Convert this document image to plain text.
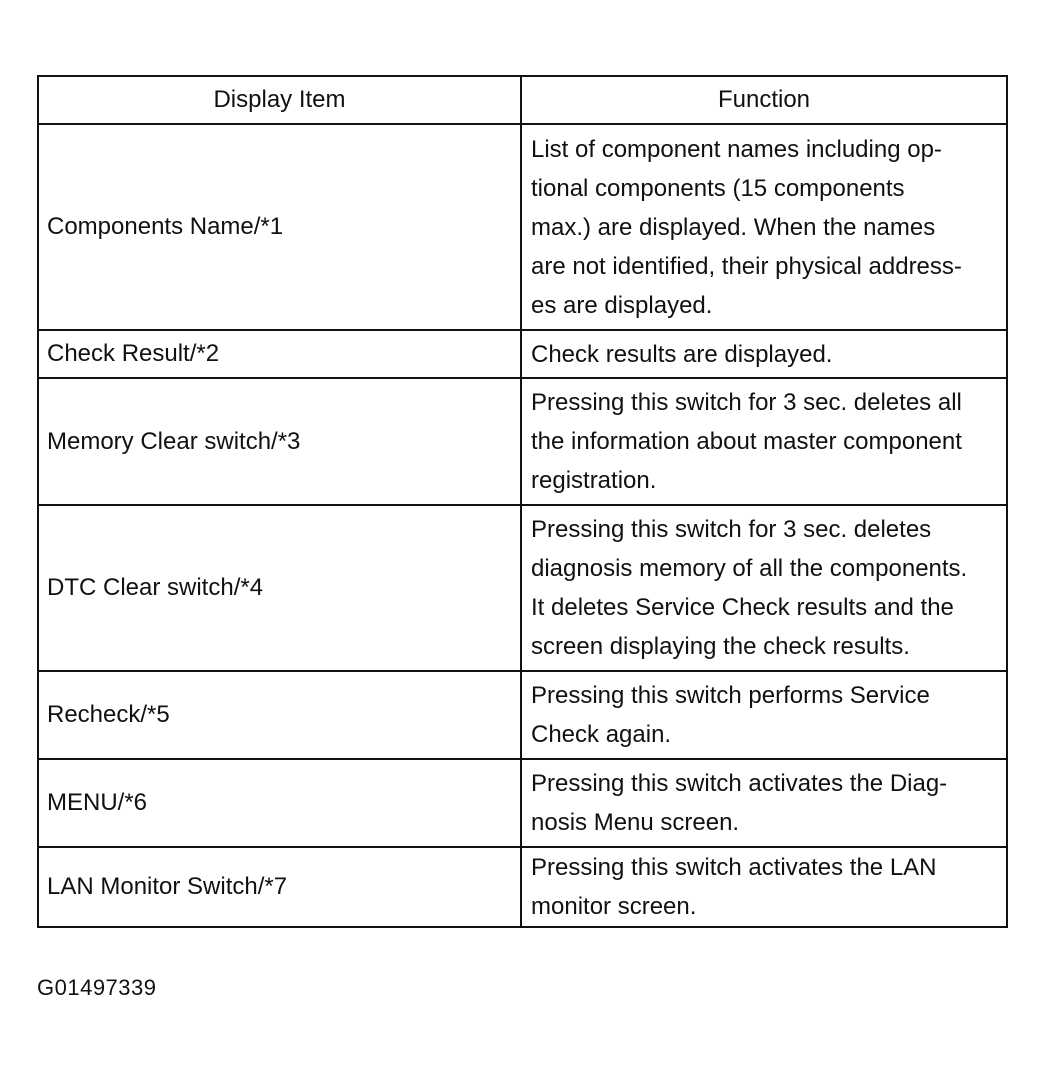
Display Item	Function
Components Name/*1	List of component names including op-
tional components (15 components
max.) are displayed. When the names
are not identified, their physical address-
es are displayed.

Check Result/*2	Check results are displayed.

Memory Clear switch/*3	Pressing this switch for 3 sec. deletes all
the information about master component
registration.

DTC Clear switch/*4	Pressing this switch for 3 sec. deletes
diagnosis memory of all the components.
It deletes Service Check results and the
screen displaying the check results.

Recheck/*5	Pressing this switch performs Service
Check again.

MENU/*6	Pressing this switch activates the Diag-
nosis Menu screen.

LAN Monitor Switch/*7	Pressing this switch activates the LAN
monitor screen.
G01497339
